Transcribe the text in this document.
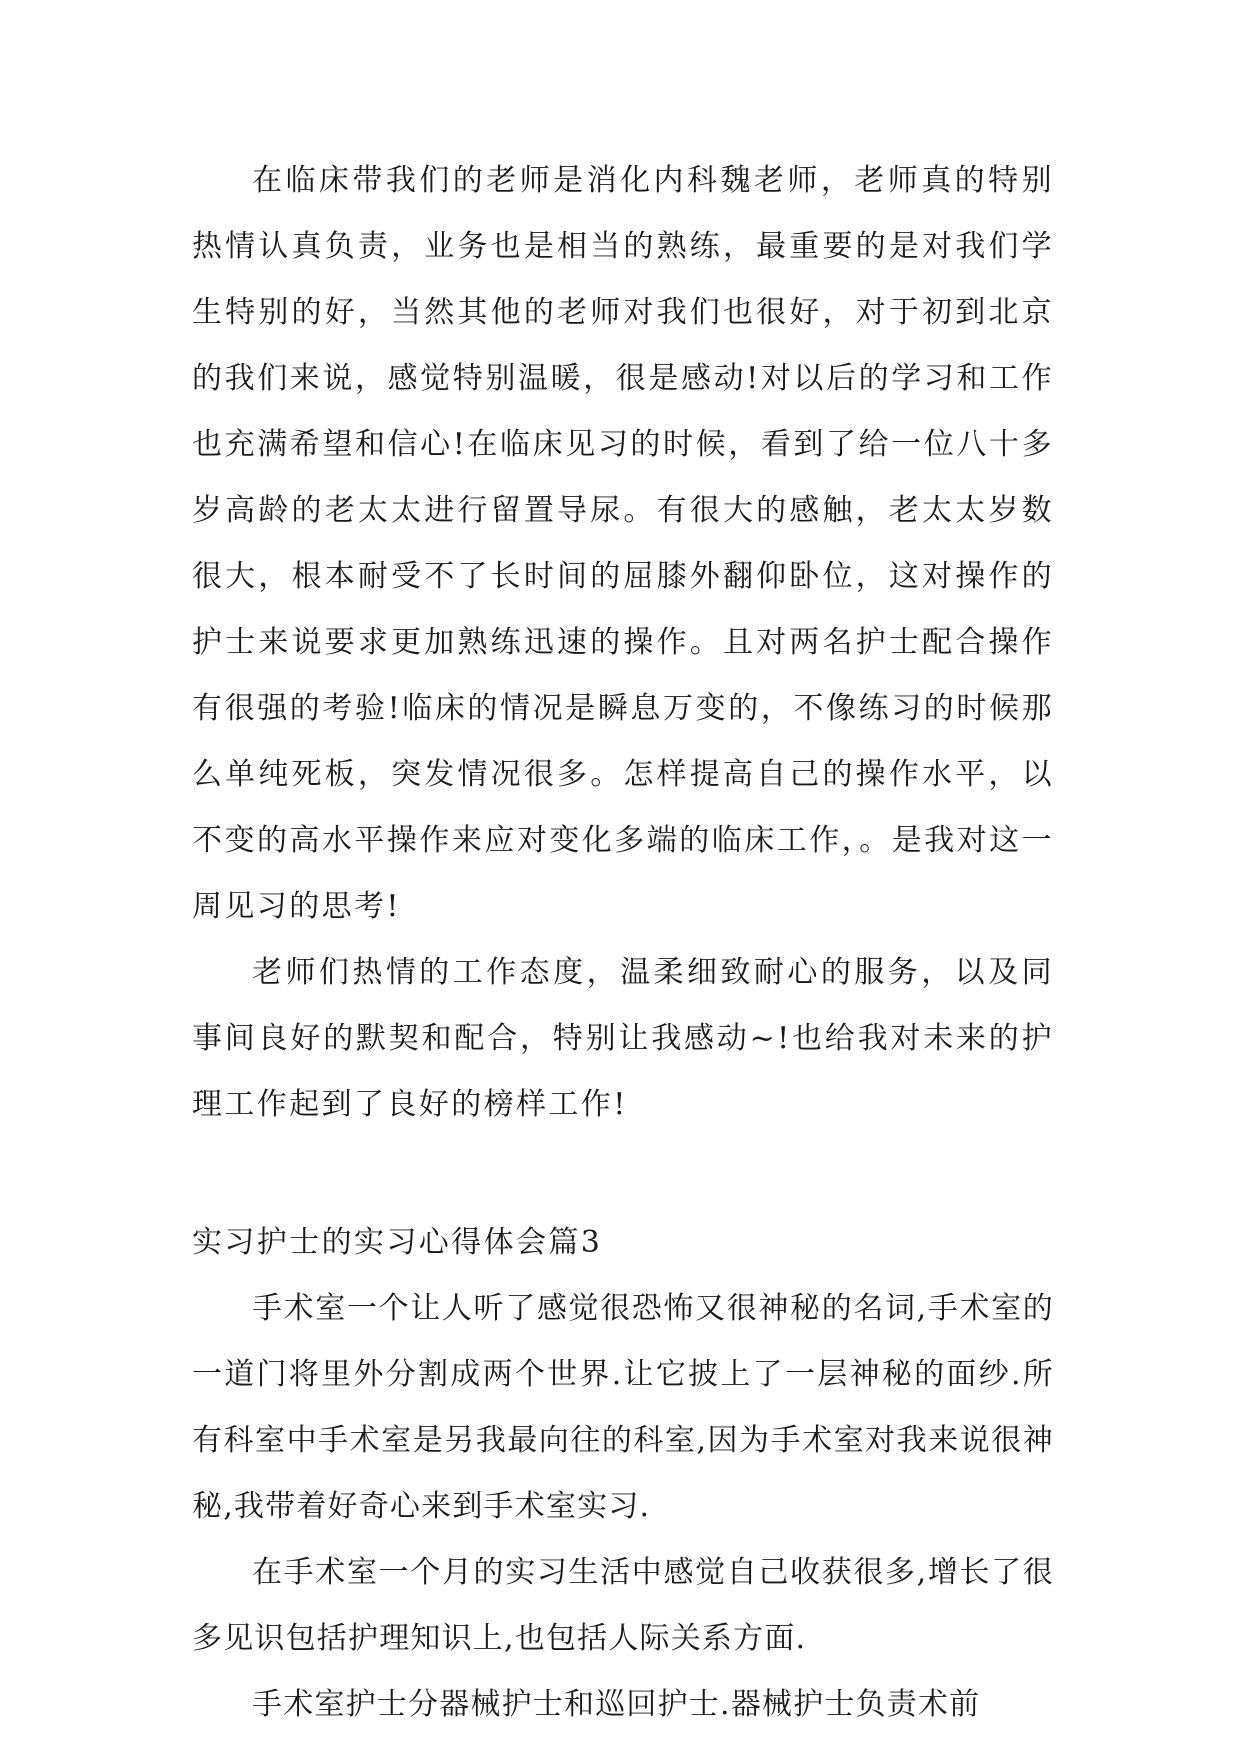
在临床带我们的老师是消化内科魏老师，老师真的特别热情认真负责，业务也是相当的熟练，最重要的是对我们学生特别的好，当然其他的老师对我们也很好，对于初到北京的我们来说，感觉特别温暖，很是感动!对以后的学习和工作也充满希望和信心!在临床见习的时候，看到了给一位八十多岁高龄的老太太进行留置导尿。有很大的感触，老太太岁数很大，根本耐受不了长时间的屈膝外翻仰卧位，这对操作的护士来说要求更加熟练迅速的操作。且对两名护士配合操作有很强的考验!临床的情况是瞬息万变的，不像练习的时候那么单纯死板，突发情况很多。怎样提高自己的操作水平，以不变的高水平操作来应对变化多端的临床工作，。是我对这一周见习的思考!

老师们热情的工作态度，温柔细致耐心的服务，以及同事间良好的默契和配合，特别让我感动~!也给我对未来的护理工作起到了良好的榜样工作!

实习护士的实习心得体会篇3

手术室一个让人听了感觉很恐怖又很神秘的名词,手术室的一道门将里外分割成两个世界.让它披上了一层神秘的面纱.所有科室中手术室是另我最向往的科室,因为手术室对我来说很神秘,我带着好奇心来到手术室实习.

在手术室一个月的实习生活中感觉自己收获很多,增长了很多见识包括护理知识上,也包括人际关系方面.

手术室护士分器械护士和巡回护士.器械护士负责术前
